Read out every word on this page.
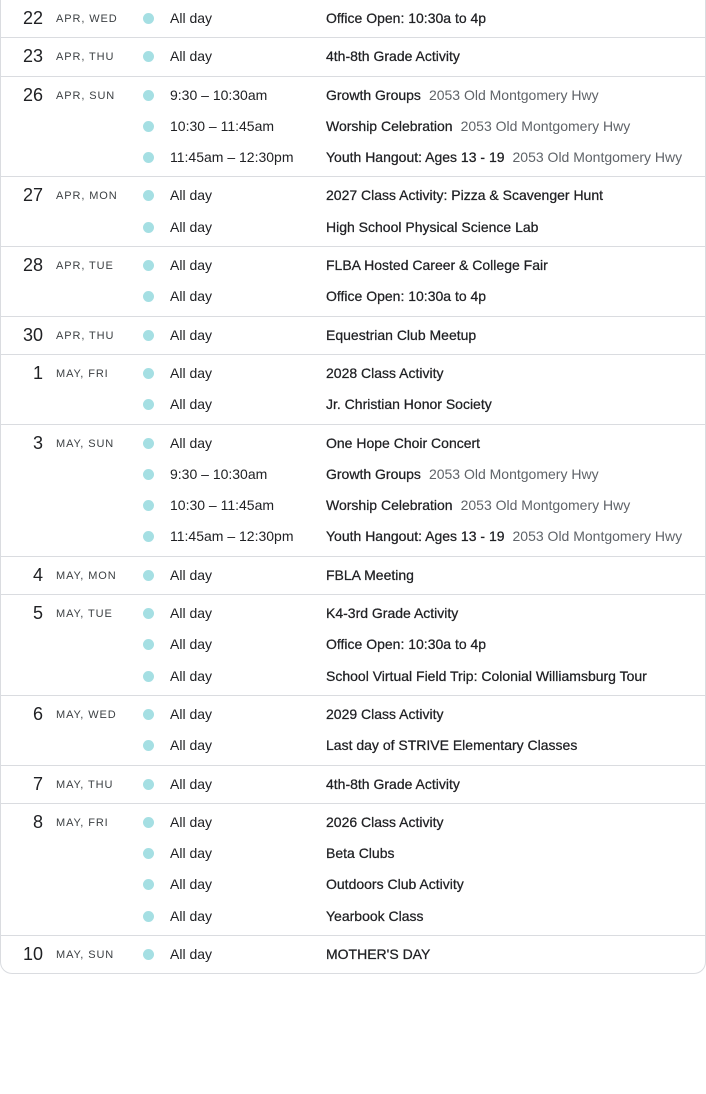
22 APR, WED	All day	Office Open: 10:30a to 4p
23 APR, THU	All day	4th-8th Grade Activity
26 APR, SUN	9:30 – 10:30am	Growth Groups 2053 Old Montgomery Hwy
10:30 – 11:45am	Worship Celebration 2053 Old Montgomery Hwy
11:45am – 12:30pm Youth Hangout: Ages 13 - 19 2053 Old Montgomery Hwy
27 APR, MON	All day	2027 Class Activity: Pizza & Scavenger Hunt
All day	High School Physical Science Lab
28 APR, TUE	All day	FLBA Hosted Career & College Fair
All day	Office Open: 10:30a to 4p
30 APR, THU	All day	Equestrian Club Meetup
1 MAY, FRI	All day	2028 Class Activity
All day	Jr. Christian Honor Society
3 MAY, SUN	All day	One Hope Choir Concert
9:30 – 10:30am	Growth Groups 2053 Old Montgomery Hwy
10:30 – 11:45am	Worship Celebration 2053 Old Montgomery Hwy
11:45am – 12:30pm Youth Hangout: Ages 13 - 19 2053 Old Montgomery Hwy
4 MAY, MON	All day	FBLA Meeting
5 MAY, TUE	All day	K4-3rd Grade Activity
All day	Office Open: 10:30a to 4p
All day	School Virtual Field Trip: Colonial Williamsburg Tour
6 MAY, WED	All day	2029 Class Activity
All day	Last day of STRIVE Elementary Classes
7 MAY, THU	All day	4th-8th Grade Activity
8 MAY, FRI	All day	2026 Class Activity
All day	Beta Clubs
All day	Outdoors Club Activity
All day	Yearbook Class
10 MAY, SUN	All day	MOTHER'S DAY
